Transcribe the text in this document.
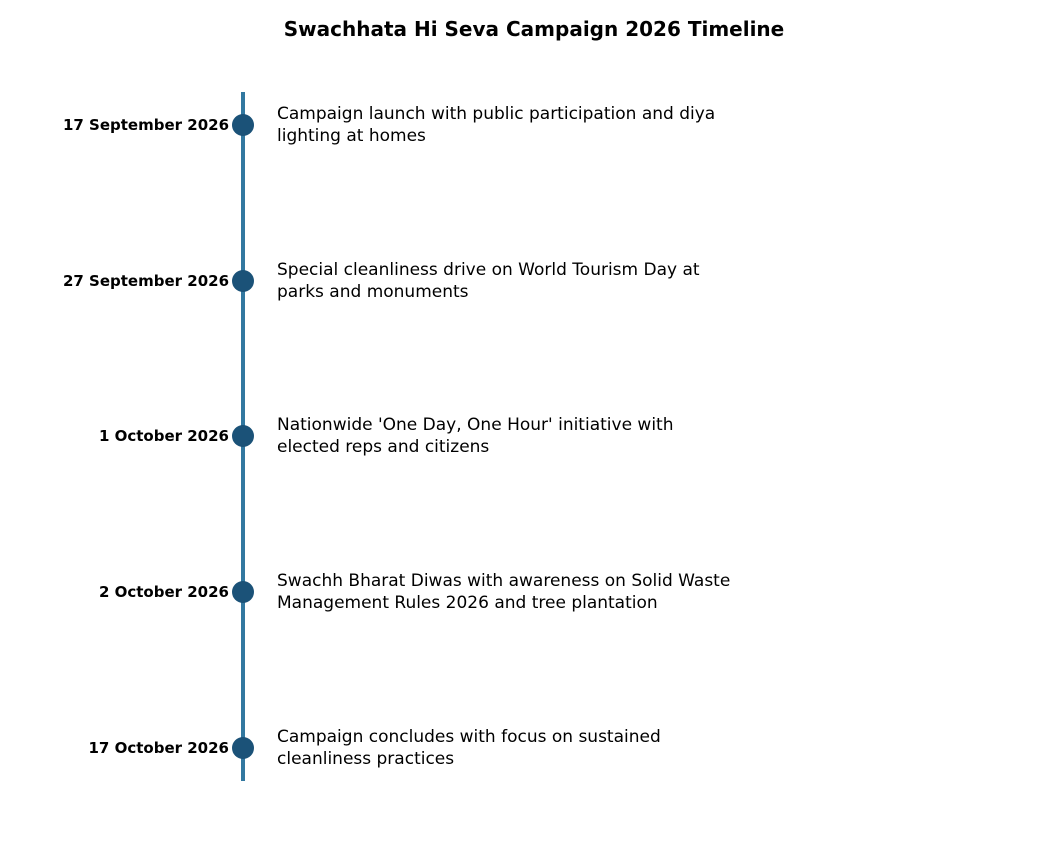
Swachhata Hi Seva Campaign 2026 Timeline
17 September 2026
Campaign launch with public participation and diya
lighting at homes
27 September 2026
Special cleanliness drive on World Tourism Day at
parks and monuments
1 October 2026
Nationwide 'One Day, One Hour' initiative with
elected reps and citizens
2 October 2026
Swachh Bharat Diwas with awareness on Solid Waste
Management Rules 2026 and tree plantation
17 October 2026
Campaign concludes with focus on sustained
cleanliness practices
